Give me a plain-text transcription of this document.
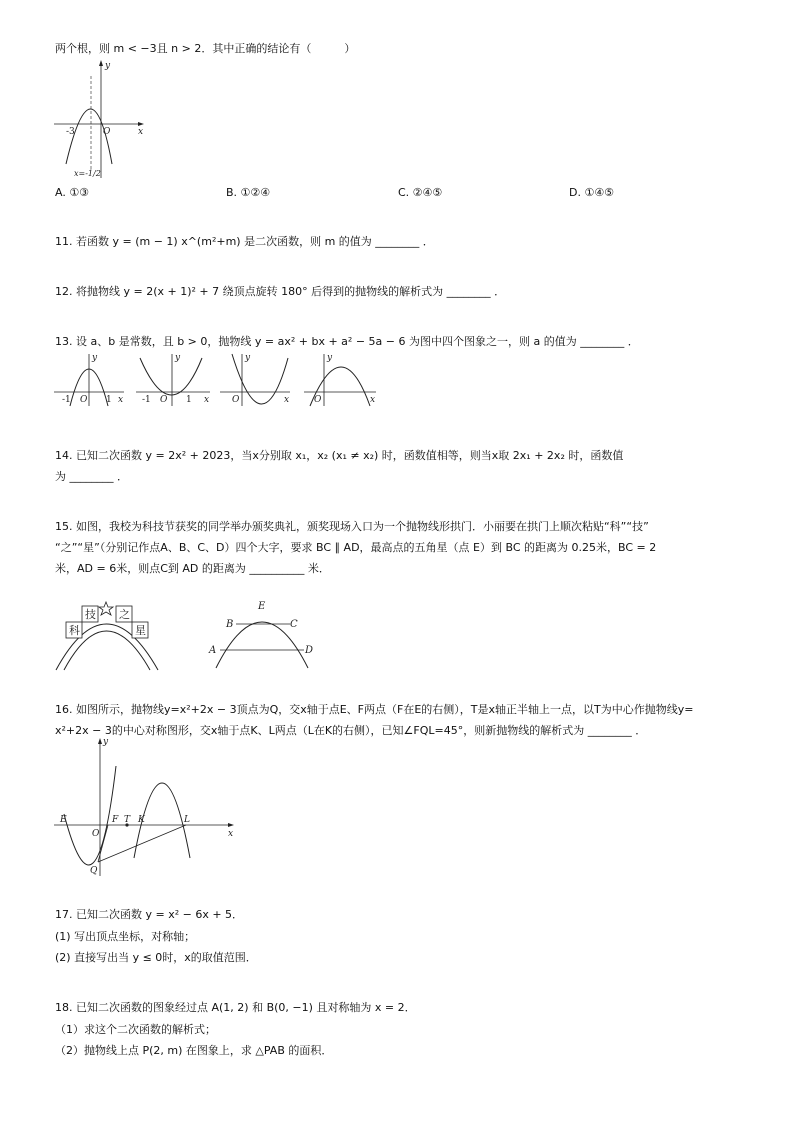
两个根，则 m < −3且 n > 2．其中正确的结论有（　　　）
y
x
O
-3
x=-1/2
A. ①③	B. ①②④	C. ②④⑤	D. ①④⑤
11. 若函数 y = (m − 1) x^(m²+m) 是二次函数，则 m 的值为 ________ ．
12. 将抛物线 y = 2(x + 1)² + 7 绕顶点旋转 180° 后得到的抛物线的解析式为 ________ ．
13. 设 a、b 是常数，且 b > 0，抛物线 y = ax² + bx + a² − 5a − 6 为图中四个图象之一，则 a 的值为 ________ ．
y
x
-1 O 1
y
x
-1 O 1
y
x
O
y
x
O
14. 已知二次函数 y = 2x² + 2023，当x分别取 x₁，x₂ (x₁ ≠ x₂) 时，函数值相等，则当x取 2x₁ + 2x₂ 时，函数值
为 ________ ．
15. 如图，我校为科技节获奖的同学举办颁奖典礼，颁奖现场入口为一个抛物线形拱门．小丽要在拱门上顺次粘贴“科”“技”
“之”“星”（分别记作点A、B、C、D）四个大字，要求 BC ∥ AD，最高点的五角星（点 E）到 BC 的距离为 0.25米，BC = 2
米，AD = 6米，则点C到 AD 的距离为 __________ 米．
科
技 之
星
A
B	C
D
E
16. 如图所示，抛物线y=x²+2x − 3顶点为Q，交x轴于点E、F两点（F在E的右侧），T是x轴正半轴上一点，以T为中心作抛物线y=
x²+2x − 3的中心对称图形，交x轴于点K、L两点（L在K的右侧），已知∠FQL=45°，则新抛物线的解析式为 ________ ．
y
x
E
O
F T K	L
Q
17. 已知二次函数 y = x² − 6x + 5．
(1) 写出顶点坐标，对称轴；
(2) 直接写出当 y ≤ 0时，x的取值范围．
18. 已知二次函数的图象经过点 A(1, 2) 和 B(0, −1) 且对称轴为 x = 2．
（1）求这个二次函数的解析式；
（2）抛物线上点 P(2, m) 在图象上，求 △PAB 的面积．
